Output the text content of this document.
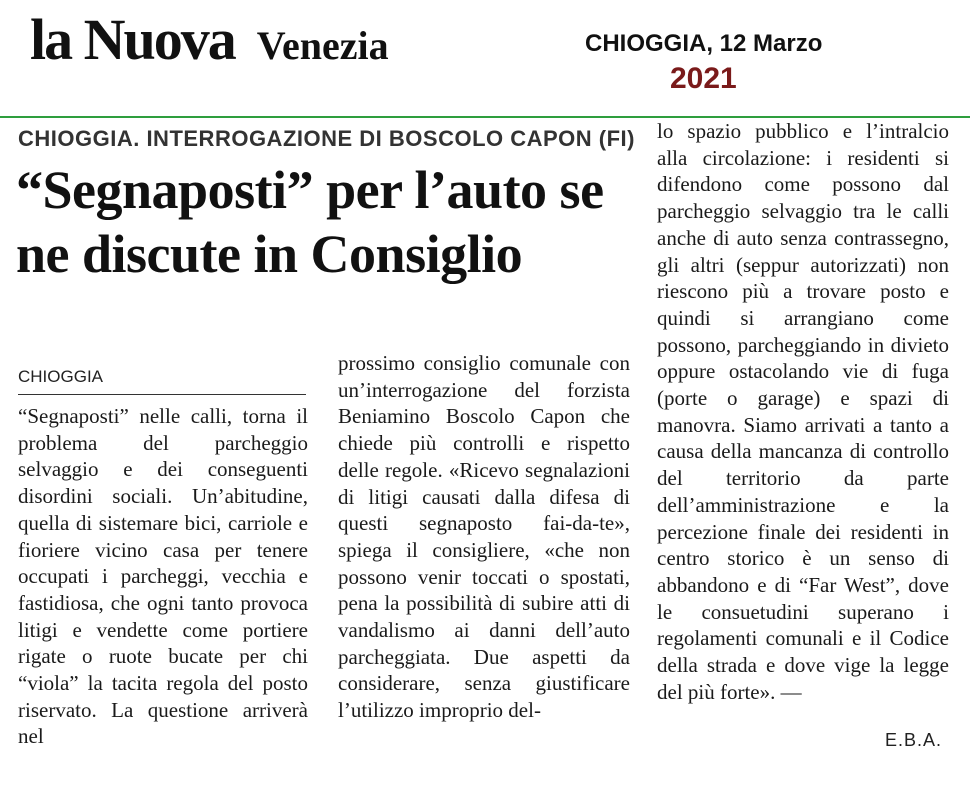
la Nuova Venezia	CHIOGGIA, 12 Marzo
2021
CHIOGGIA. INTERROGAZIONE DI BOSCOLO CAPON (FI)
“Segnaposti” per l’auto se ne discute in Consiglio
CHIOGGIA

“Segnaposti” nelle calli, torna il problema del parcheggio selvaggio e dei conseguenti disordini sociali. Un’abitudine, quella di sistemare bici, carriole e fioriere vicino casa per tenere occupati i parcheggi, vecchia e fastidiosa, che ogni tanto provoca litigi e vendette come portiere rigate o ruote bucate per chi “viola” la tacita regola del posto riservato. La questione arriverà nel

prossimo consiglio comunale con un’interrogazione del forzista Beniamino Boscolo Capon che chiede più controlli e rispetto delle regole. «Ricevo segnalazioni di litigi causati dalla difesa di questi segnaposto fai-da-te», spiega il consigliere, «che non possono venir toccati o spostati, pena la possibilità di subire atti di vandalismo ai danni dell’auto parcheggiata. Due aspetti da considerare, senza giustificare l’utilizzo improprio del-

lo spazio pubblico e l’intralcio alla circolazione: i residenti si difendono come possono dal parcheggio selvaggio tra le calli anche di auto senza contrassegno, gli altri (seppur autorizzati) non riescono più a trovare posto e quindi si arrangiano come possono, parcheggiando in divieto oppure ostacolando vie di fuga (porte o garage) e spazi di manovra. Siamo arrivati a tanto a causa della mancanza di controllo del territorio da parte dell’amministrazione e la percezione finale dei residenti in centro storico è un senso di abbandono e di “Far West”, dove le consuetudini superano i regolamenti comunali e il Codice della strada e dove vige la legge del più forte». —

E.B.A.
